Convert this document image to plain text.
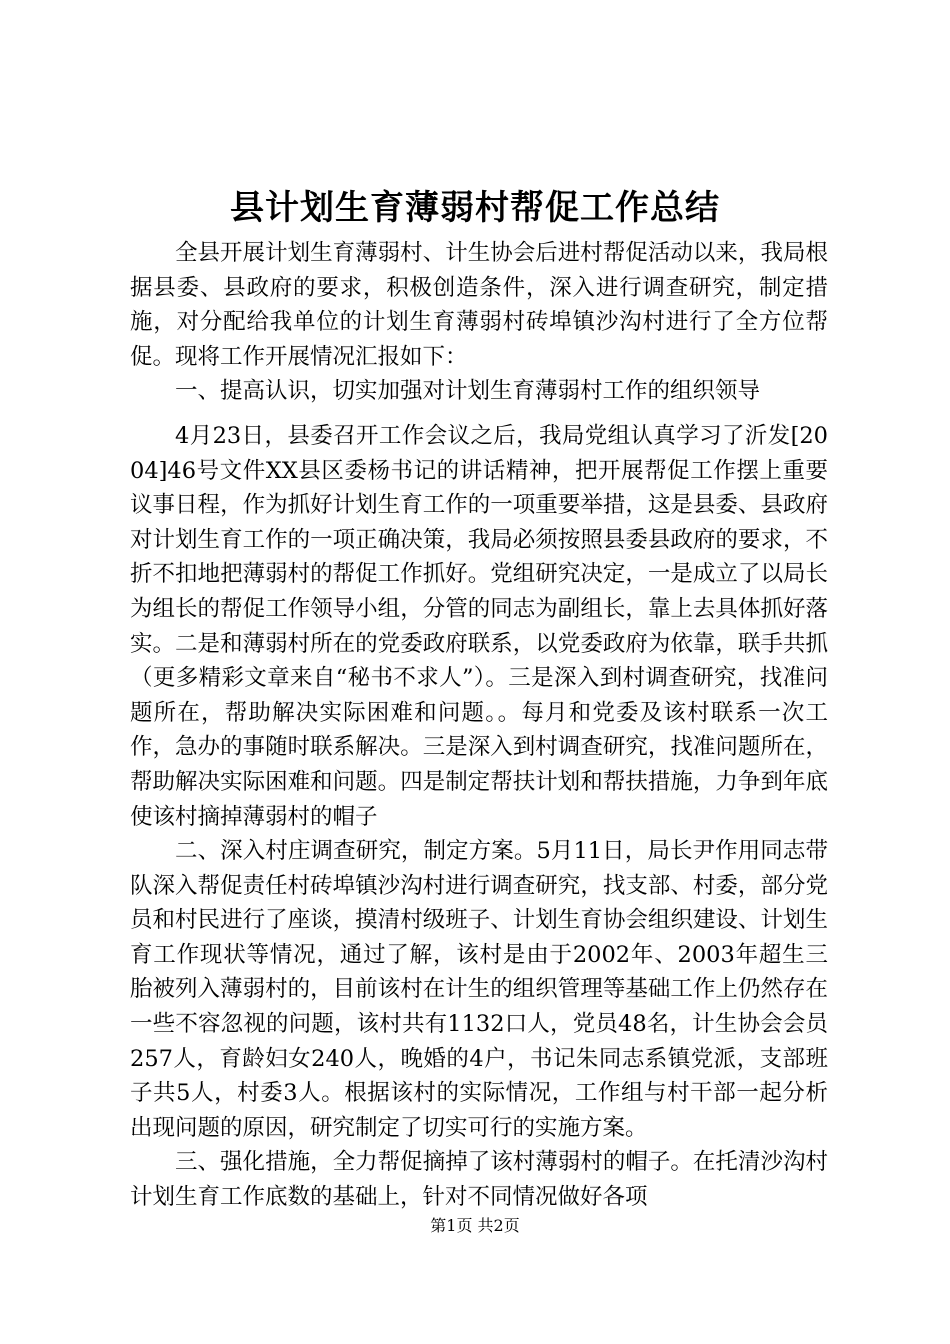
县计划生育薄弱村帮促工作总结

全县开展计划生育薄弱村、计生协会后进村帮促活动以来，我局根据县委、县政府的要求，积极创造条件，深入进行调查研究，制定措施，对分配给我单位的计划生育薄弱村砖埠镇沙沟村进行了全方位帮促。现将工作开展情况汇报如下：

一、提高认识，切实加强对计划生育薄弱村工作的组织领导

4月23日，县委召开工作会议之后，我局党组认真学习了沂发[2004]46号文件XX县区委杨书记的讲话精神，把开展帮促工作摆上重要议事日程，作为抓好计划生育工作的一项重要举措，这是县委、县政府对计划生育工作的一项正确决策，我局必须按照县委县政府的要求，不折不扣地把薄弱村的帮促工作抓好。党组研究决定，一是成立了以局长为组长的帮促工作领导小组，分管的同志为副组长，靠上去具体抓好落实。二是和薄弱村所在的党委政府联系，以党委政府为依靠，联手共抓（更多精彩文章来自“秘书不求人”）。三是深入到村调查研究，找准问题所在，帮助解决实际困难和问题。。每月和党委及该村联系一次工作，急办的事随时联系解决。三是深入到村调查研究，找准问题所在，帮助解决实际困难和问题。四是制定帮扶计划和帮扶措施，力争到年底使该村摘掉薄弱村的帽子

二、深入村庄调查研究，制定方案。5月11日，局长尹作用同志带队深入帮促责任村砖埠镇沙沟村进行调查研究，找支部、村委，部分党员和村民进行了座谈，摸清村级班子、计划生育协会组织建设、计划生育工作现状等情况，通过了解，该村是由于2002年、2003年超生三胎被列入薄弱村的，目前该村在计生的组织管理等基础工作上仍然存在一些不容忽视的问题，该村共有1132口人，党员48名，计生协会会员257人，育龄妇女240人，晚婚的4户，书记朱同志系镇党派，支部班子共5人，村委3人。根据该村的实际情况，工作组与村干部一起分析出现问题的原因，研究制定了切实可行的实施方案。

三、强化措施，全力帮促摘掉了该村薄弱村的帽子。在托清沙沟村计划生育工作底数的基础上，针对不同情况做好各项

第1页 共2页
